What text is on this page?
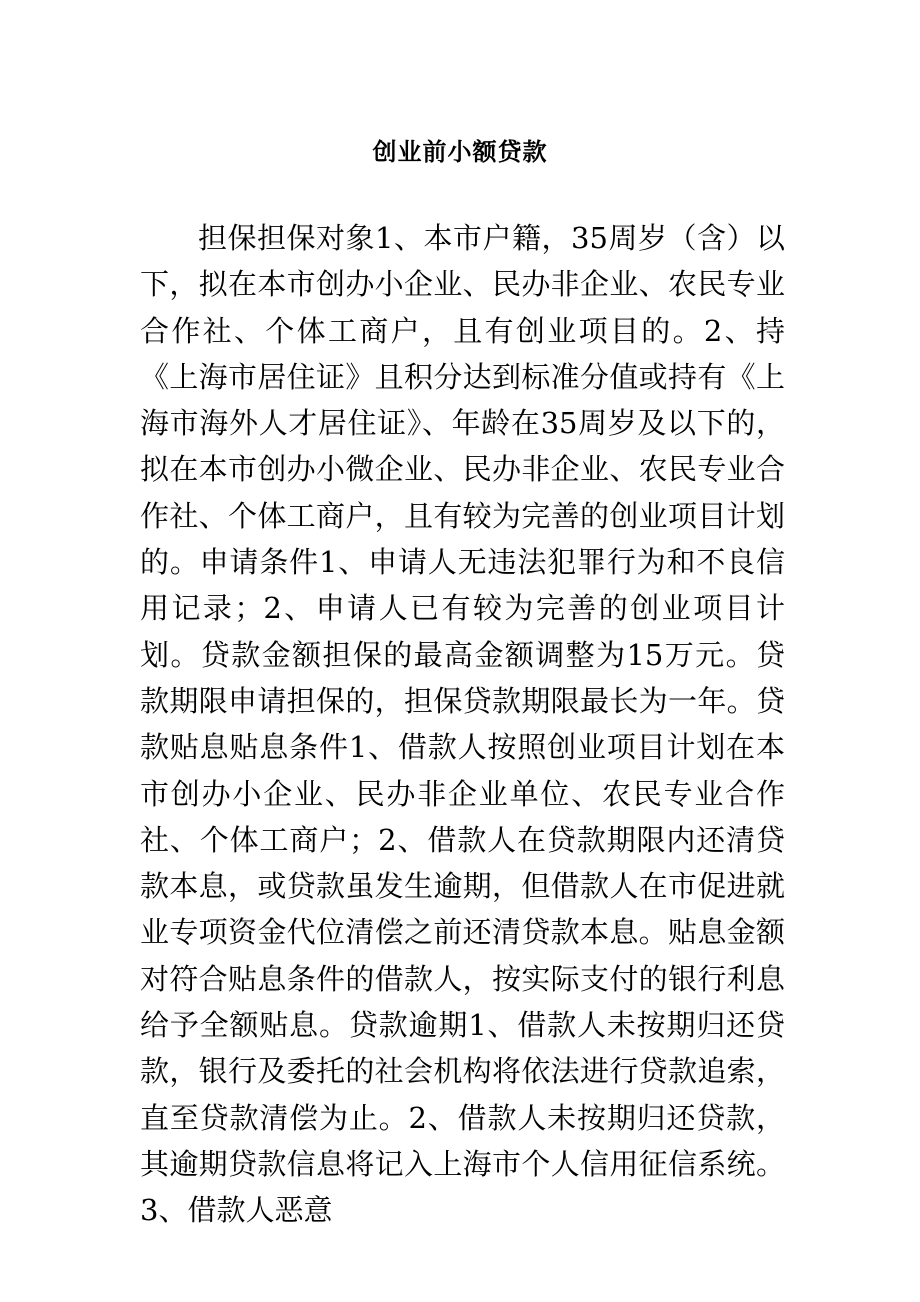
创业前小额贷款

担保担保对象1、本市户籍，35周岁（含）以下，拟在本市创办小企业、民办非企业、农民专业合作社、个体工商户，且有创业项目的。2、持《上海市居住证》且积分达到标准分值或持有《上海市海外人才居住证》、年龄在35周岁及以下的，拟在本市创办小微企业、民办非企业、农民专业合作社、个体工商户，且有较为完善的创业项目计划的。申请条件1、申请人无违法犯罪行为和不良信用记录；2、申请人已有较为完善的创业项目计划。贷款金额担保的最高金额调整为15万元。贷款期限申请担保的，担保贷款期限最长为一年。贷款贴息贴息条件1、借款人按照创业项目计划在本市创办小企业、民办非企业单位、农民专业合作社、个体工商户；2、借款人在贷款期限内还清贷款本息，或贷款虽发生逾期，但借款人在市促进就业专项资金代位清偿之前还清贷款本息。贴息金额对符合贴息条件的借款人，按实际支付的银行利息给予全额贴息。贷款逾期1、借款人未按期归还贷款，银行及委托的社会机构将依法进行贷款追索，直至贷款清偿为止。2、借款人未按期归还贷款，其逾期贷款信息将记入上海市个人信用征信系统。3、借款人恶意
